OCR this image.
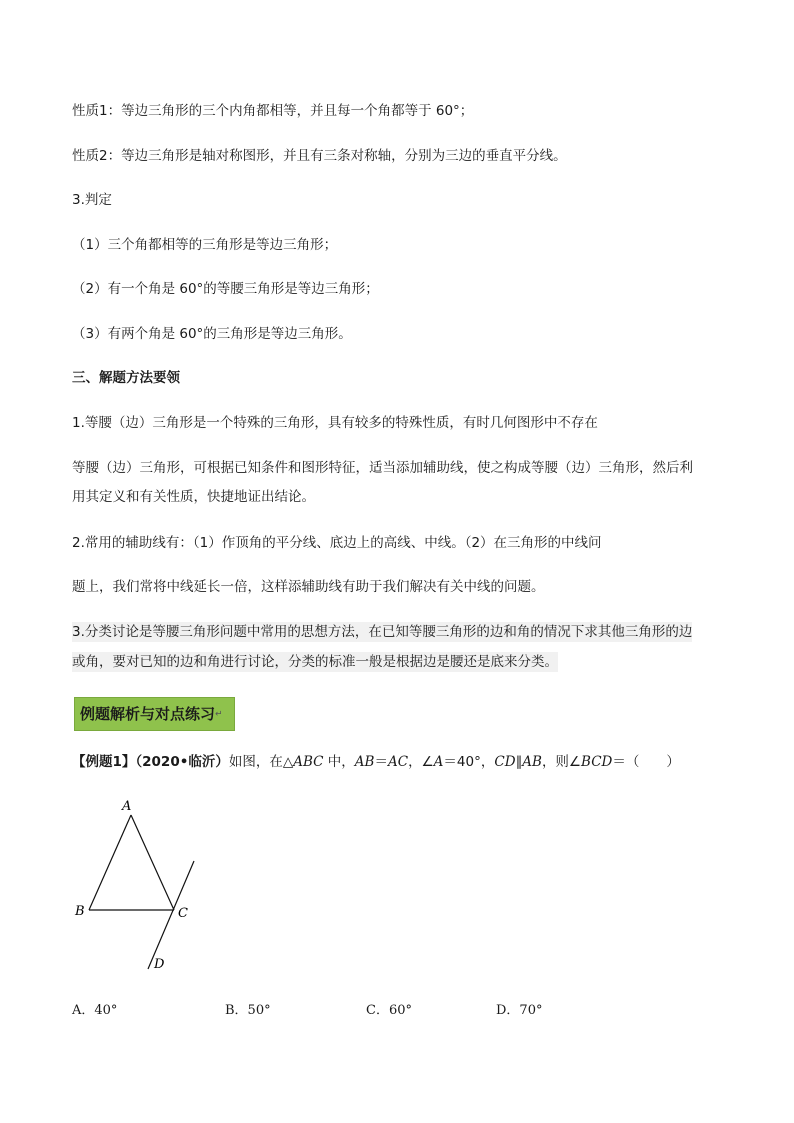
性质1：等边三角形的三个内角都相等，并且每一个角都等于 60°；
性质2：等边三角形是轴对称图形，并且有三条对称轴，分别为三边的垂直平分线。
3.判定
（1）三个角都相等的三角形是等边三角形；
（2）有一个角是 60°的等腰三角形是等边三角形；
（3）有两个角是 60°的三角形是等边三角形。
三、解题方法要领
1.等腰（边）三角形是一个特殊的三角形，具有较多的特殊性质，有时几何图形中不存在
等腰（边）三角形，可根据已知条件和图形特征，适当添加辅助线，使之构成等腰（边）三角形，然后利
用其定义和有关性质，快捷地证出结论。
2.常用的辅助线有：（1）作顶角的平分线、底边上的高线、中线。（2）在三角形的中线问
题上，我们常将中线延长一倍，这样添辅助线有助于我们解决有关中线的问题。
3.分类讨论是等腰三角形问题中常用的思想方法，在已知等腰三角形的边和角的情况下求其他三角形的边
或角，要对已知的边和角进行讨论，分类的标准一般是根据边是腰还是底来分类。
例题解析与对点练习↵
【例题1】（2020•临沂）如图，在△ABC 中，AB＝AC，∠A＝40°，CD∥AB，则∠BCD＝（　　）
A
B	C
D
A．40°	B．50°	C．60°	D．70°
